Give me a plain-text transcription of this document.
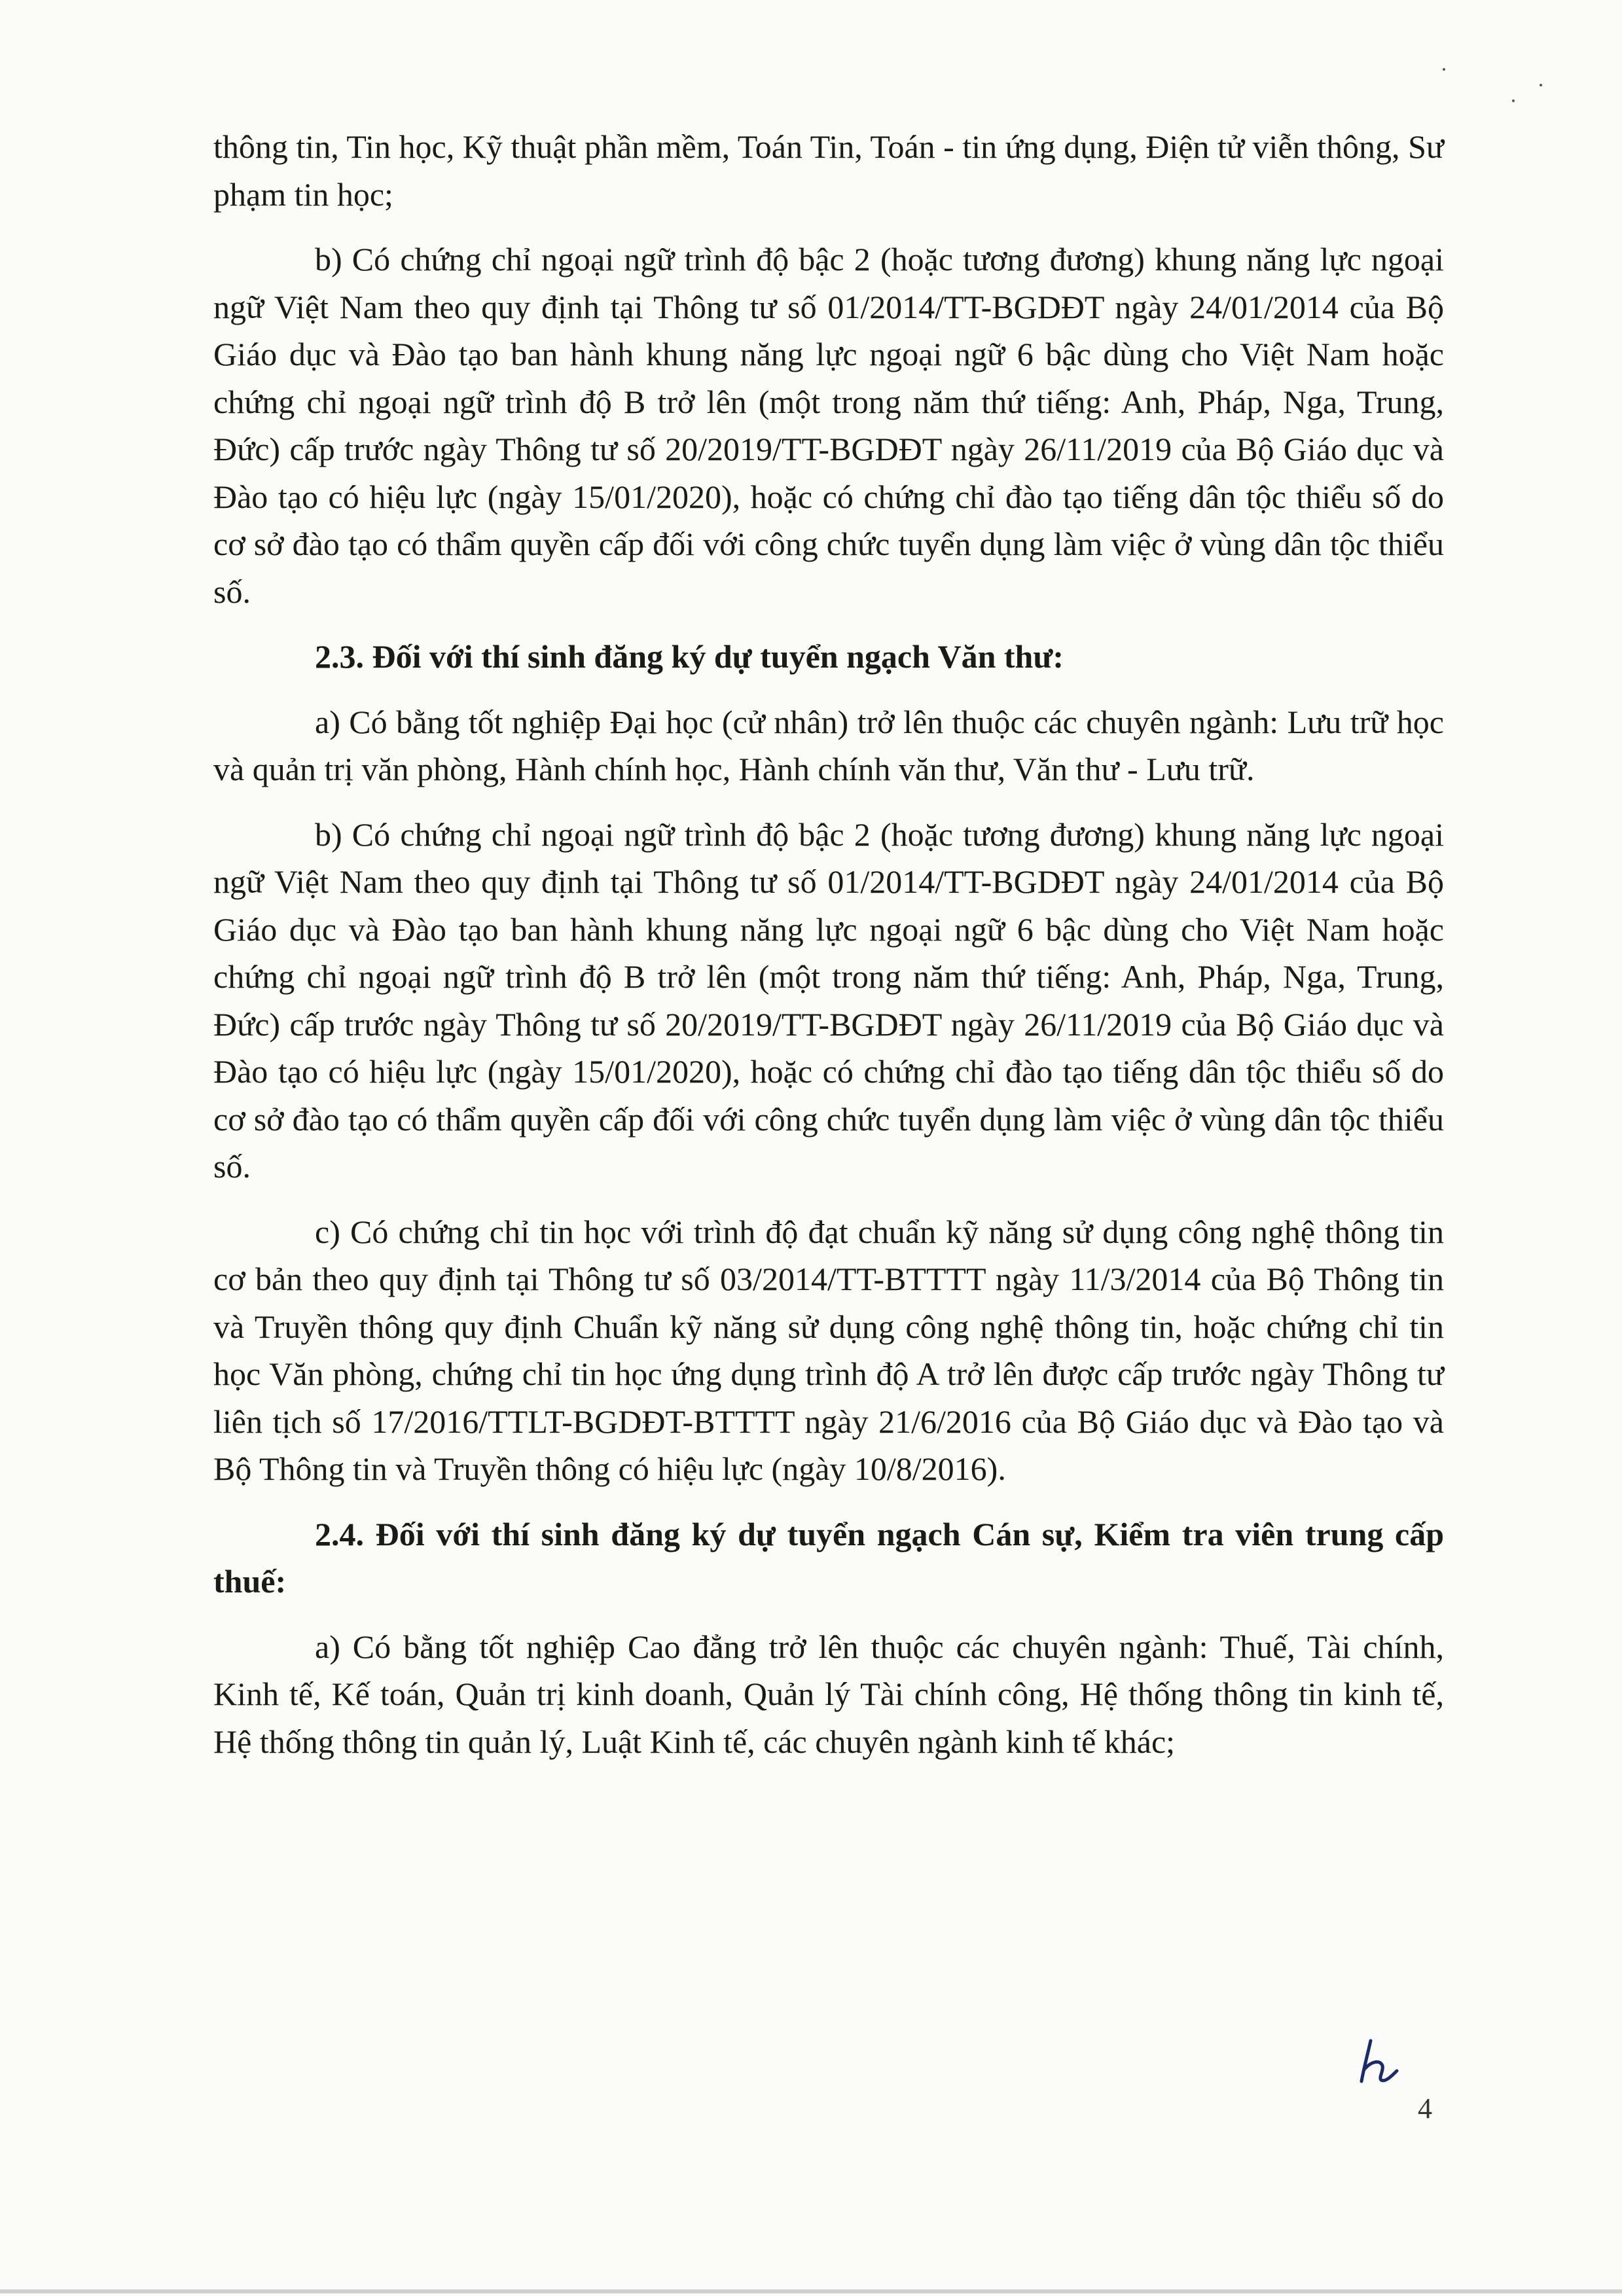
thông tin, Tin học, Kỹ thuật phần mềm, Toán Tin, Toán - tin ứng dụng, Điện tử viễn thông, Sư phạm tin học;

b) Có chứng chỉ ngoại ngữ trình độ bậc 2 (hoặc tương đương) khung năng lực ngoại ngữ Việt Nam theo quy định tại Thông tư số 01/2014/TT-BGDĐT ngày 24/01/2014 của Bộ Giáo dục và Đào tạo ban hành khung năng lực ngoại ngữ 6 bậc dùng cho Việt Nam hoặc chứng chỉ ngoại ngữ trình độ B trở lên (một trong năm thứ tiếng: Anh, Pháp, Nga, Trung, Đức) cấp trước ngày Thông tư số 20/2019/TT-BGDĐT ngày 26/11/2019 của Bộ Giáo dục và Đào tạo có hiệu lực (ngày 15/01/2020), hoặc có chứng chỉ đào tạo tiếng dân tộc thiểu số do cơ sở đào tạo có thẩm quyền cấp đối với công chức tuyển dụng làm việc ở vùng dân tộc thiểu số.

2.3. Đối với thí sinh đăng ký dự tuyển ngạch Văn thư:

a) Có bằng tốt nghiệp Đại học (cử nhân) trở lên thuộc các chuyên ngành: Lưu trữ học và quản trị văn phòng, Hành chính học, Hành chính văn thư, Văn thư - Lưu trữ.

b) Có chứng chỉ ngoại ngữ trình độ bậc 2 (hoặc tương đương) khung năng lực ngoại ngữ Việt Nam theo quy định tại Thông tư số 01/2014/TT-BGDĐT ngày 24/01/2014 của Bộ Giáo dục và Đào tạo ban hành khung năng lực ngoại ngữ 6 bậc dùng cho Việt Nam hoặc chứng chỉ ngoại ngữ trình độ B trở lên (một trong năm thứ tiếng: Anh, Pháp, Nga, Trung, Đức) cấp trước ngày Thông tư số 20/2019/TT-BGDĐT ngày 26/11/2019 của Bộ Giáo dục và Đào tạo có hiệu lực (ngày 15/01/2020), hoặc có chứng chỉ đào tạo tiếng dân tộc thiểu số do cơ sở đào tạo có thẩm quyền cấp đối với công chức tuyển dụng làm việc ở vùng dân tộc thiểu số.

c) Có chứng chỉ tin học với trình độ đạt chuẩn kỹ năng sử dụng công nghệ thông tin cơ bản theo quy định tại Thông tư số 03/2014/TT-BTTTT ngày 11/3/2014 của Bộ Thông tin và Truyền thông quy định Chuẩn kỹ năng sử dụng công nghệ thông tin, hoặc chứng chỉ tin học Văn phòng, chứng chỉ tin học ứng dụng trình độ A trở lên được cấp trước ngày Thông tư liên tịch số 17/2016/TTLT-BGDĐT-BTTTT ngày 21/6/2016 của Bộ Giáo dục và Đào tạo và Bộ Thông tin và Truyền thông có hiệu lực (ngày 10/8/2016).

2.4. Đối với thí sinh đăng ký dự tuyển ngạch Cán sự, Kiểm tra viên trung cấp thuế:

a) Có bằng tốt nghiệp Cao đẳng trở lên thuộc các chuyên ngành: Thuế, Tài chính, Kinh tế, Kế toán, Quản trị kinh doanh, Quản lý Tài chính công, Hệ thống thông tin kinh tế, Hệ thống thông tin quản lý, Luật Kinh tế, các chuyên ngành kinh tế khác;

4
